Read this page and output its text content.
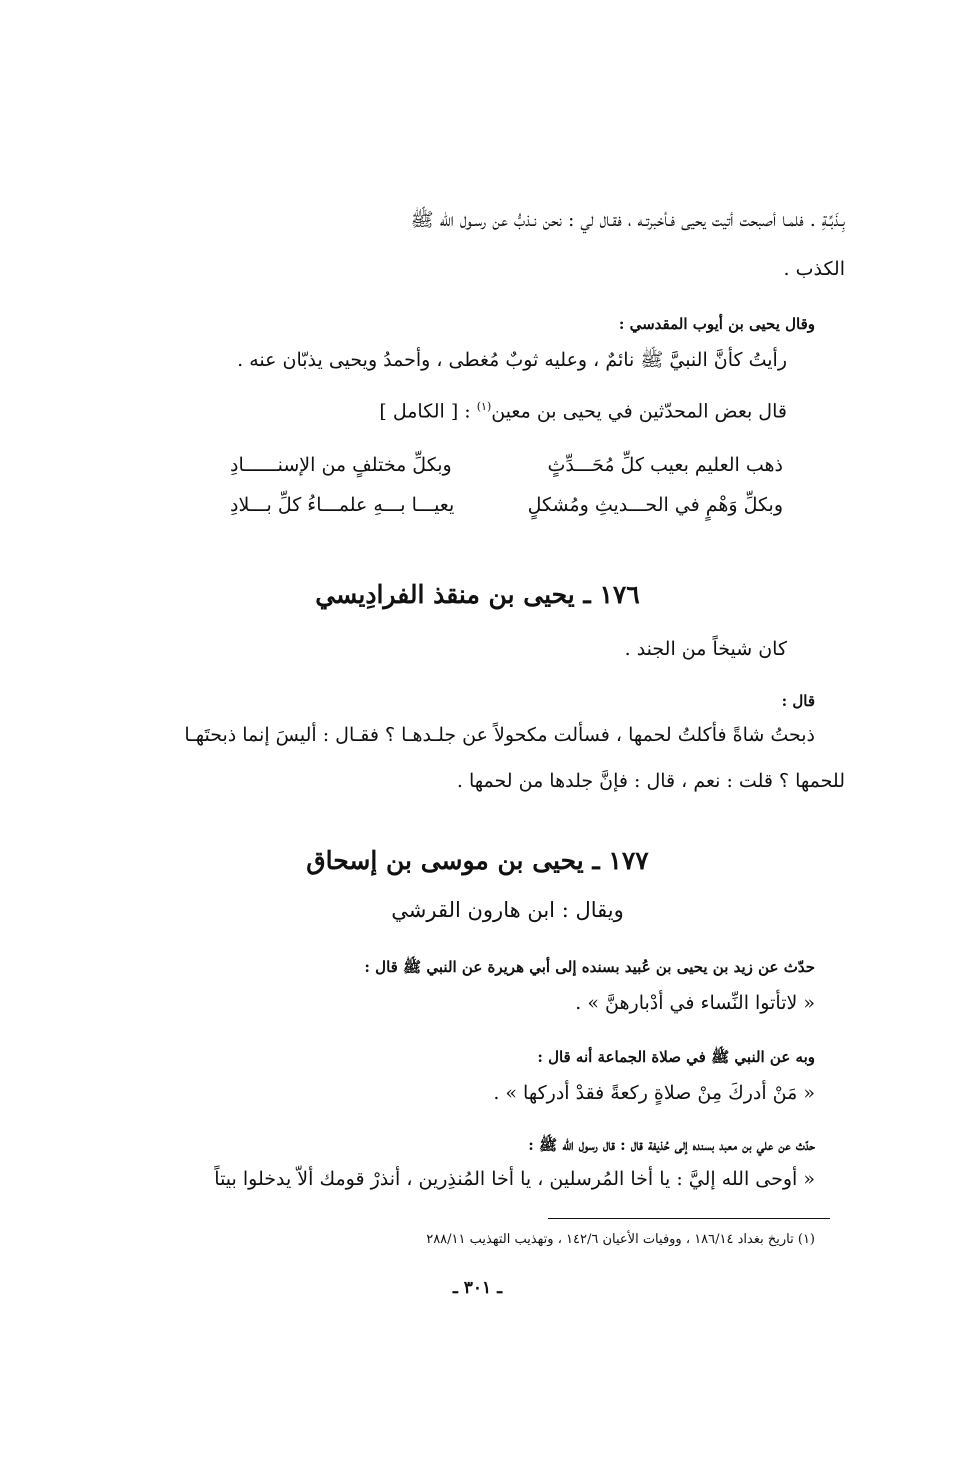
بِـذَبِّـةِ . فلمـا أصبحت أتيت يحيى فـأخبرتـه ، فقـال لي : نحن نـذبُّ عن رسـول الله ﷺ
الكذب .
وقال يحيى بن أيوب المقدسي :
رأيتُ كأنَّ النبيَّ ﷺ نائمٌ ، وعليه ثوبٌ مُغطى ، وأحمدُ ويحيى يذبّان عنه .
قال بعض المحدّثين في يحيى بن معين$^{(١)}$ : [ الكامل ]
ذهب العليم بعيب كلِّ مُحَـــدِّثٍ
وبكلِّ مختلفٍ من الإسنــــــادِ
وبكلِّ وَهْمٍ في الحـــديثِ ومُشكلٍ
يعيـــا بـــهِ علمـــاءُ كلِّ بـــلادِ
١٧٦ ـ يحيى بن منقذ الفرادِيسي
كان شيخاً من الجند .
قال :
ذبحتُ شاةً فأكلتُ لحمها ، فسألت مكحولاً عن جلـدهـا ؟ فقـال : أليسَ إنما ذبحتَهـا
للحمها ؟ قلت : نعم ، قال : فإنَّ جلدها من لحمها .
١٧٧ ـ يحيى بن موسى بن إسحاق
ويقال : ابن هارون القرشي
حدّث عن زيد بن يحيى بن عُبيد بسنده إلى أبي هريرة عن النبي ﷺ قال :
« لاتأتوا النِّساء في أدْبارهنَّ » .
وبه عن النبي ﷺ في صلاة الجماعة أنه قال :
« مَنْ أدركَ مِنْ صلاةٍ ركعةً فقدْ أدركها » .
حدّث عن علي بن معبد بسنده إلى حُذيفة قال : قال رسول الله ﷺ :
« أوحى الله إليَّ : يا أخا المُرسلين ، يا أخا المُنذِرين ، أنذرْ قومك ألاّ يدخلوا بيتاً
(١) تاريخ بغداد ١٨٦/١٤ ، ووفيات الأعيان ١٤٢/٦ ، وتهذيب التهذيب ٢٨٨/١١
ـ ٣٠١ ـ
